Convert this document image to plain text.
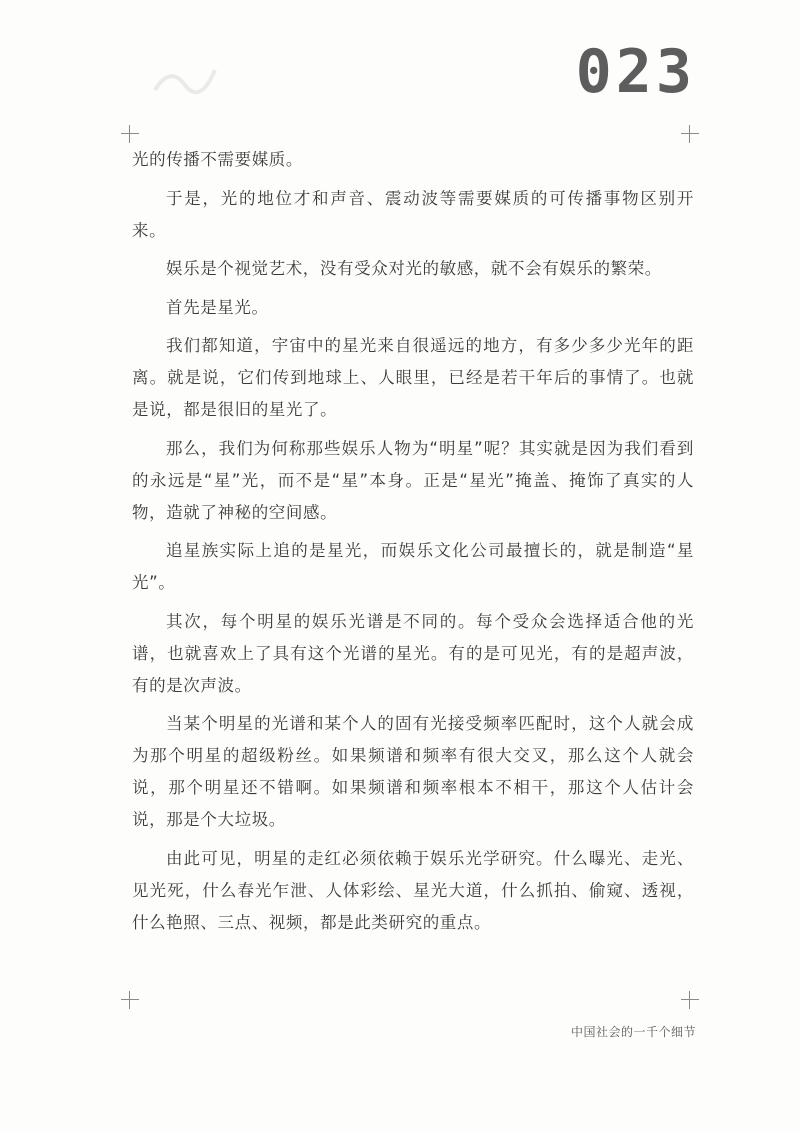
023

光的传播不需要媒质。

于是，光的地位才和声音、震动波等需要媒质的可传播事物区别开来。

娱乐是个视觉艺术，没有受众对光的敏感，就不会有娱乐的繁荣。

首先是星光。

我们都知道，宇宙中的星光来自很遥远的地方，有多少多少光年的距离。就是说，它们传到地球上、人眼里，已经是若干年后的事情了。也就是说，都是很旧的星光了。

那么，我们为何称那些娱乐人物为“明星”呢？其实就是因为我们看到的永远是“星”光，而不是“星”本身。正是“星光”掩盖、掩饰了真实的人物，造就了神秘的空间感。

追星族实际上追的是星光，而娱乐文化公司最擅长的，就是制造“星光”。

其次，每个明星的娱乐光谱是不同的。每个受众会选择适合他的光谱，也就喜欢上了具有这个光谱的星光。有的是可见光，有的是超声波，有的是次声波。

当某个明星的光谱和某个人的固有光接受频率匹配时，这个人就会成为那个明星的超级粉丝。如果频谱和频率有很大交叉，那么这个人就会说，那个明星还不错啊。如果频谱和频率根本不相干，那这个人估计会说，那是个大垃圾。

由此可见，明星的走红必须依赖于娱乐光学研究。什么曝光、走光、见光死，什么春光乍泄、人体彩绘、星光大道，什么抓拍、偷窥、透视，什么艳照、三点、视频，都是此类研究的重点。

中国社会的一千个细节
